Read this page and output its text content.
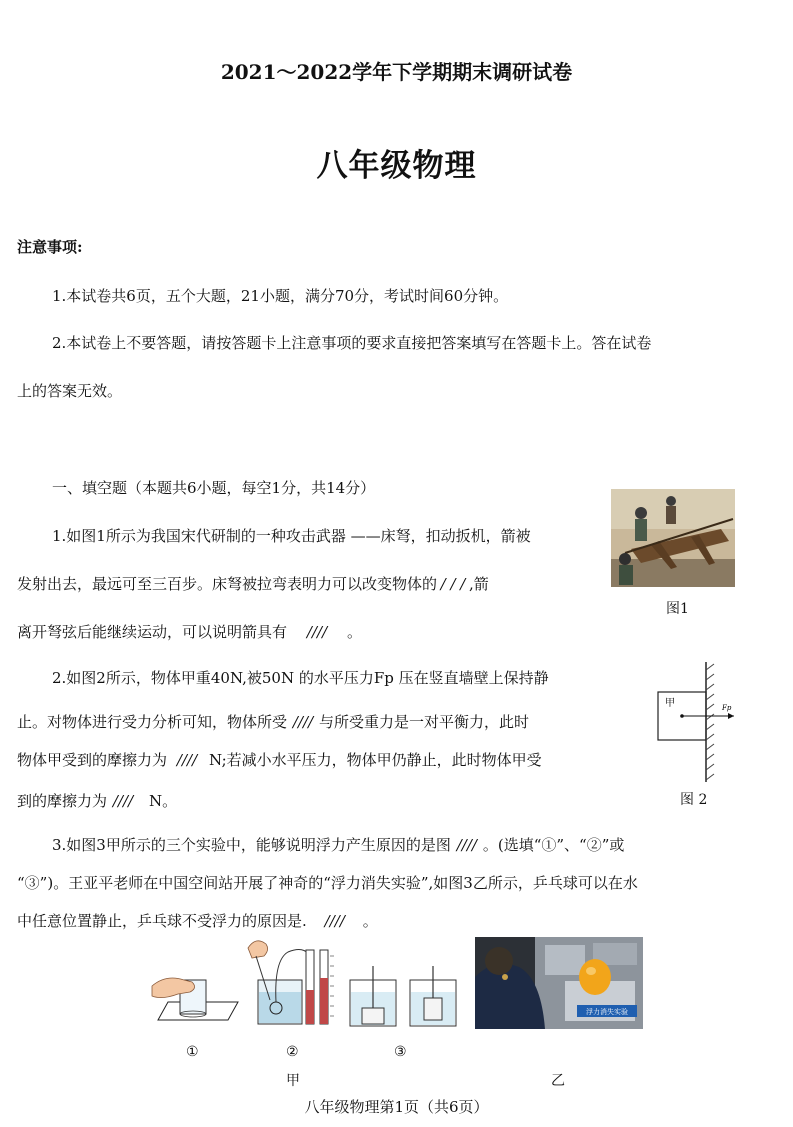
2021～2022学年下学期期末调研试卷
八年级物理
注意事项:
1.本试卷共6页，五个大题，21小题，满分70分，考试时间60分钟。
2.本试卷上不要答题，请按答题卡上注意事项的要求直接把答案填写在答题卡上。答在试卷
上的答案无效。
一、填空题（本题共6小题，每空1分，共14分）
1.如图1所示为我国宋代研制的一种攻击武器 ——床弩，扣动扳机，箭被
发射出去，最远可至三百步。床弩被拉弯表明力可以改变物体的 / / / ,箭
离开弩弦后能继续运动，可以说明箭具有 //// 。
图1
2.如图2所示，物体甲重40N,被50N 的水平压力Fp 压在竖直墙壁上保持静
止。对物体进行受力分析可知，物体所受 //// 与所受重力是一对平衡力，此时
物体甲受到的摩擦力为 //// N;若减小水平压力，物体甲仍静止，此时物体甲受
到的摩擦力为 //// N。
甲	Fp
图 2
3.如图3甲所示的三个实验中，能够说明浮力产生原因的是图 //// 。(选填“①”、“②”或
“③”)。王亚平老师在中国空间站开展了神奇的“浮力消失实验”,如图3乙所示，乒乓球可以在水
中任意位置静止，乒乓球不受浮力的原因是. //// 。
①	②	③
甲
浮力消失实验
乙
八年级物理第1页（共6页）
